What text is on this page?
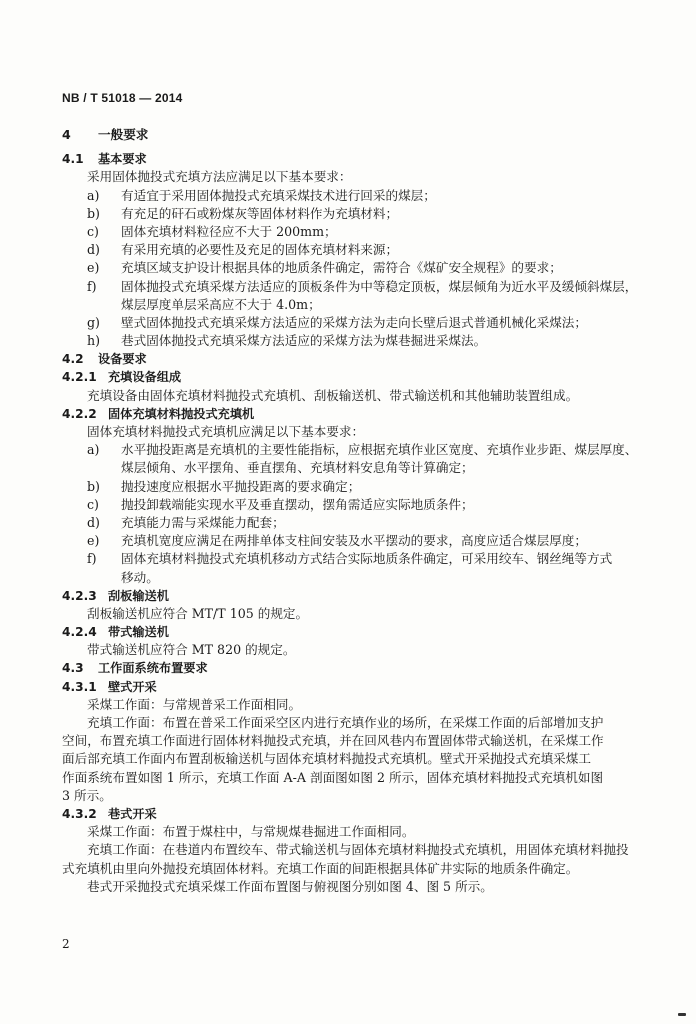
NB / T 51018 — 2014
4 一般要求
4.1 基本要求
采用固体抛投式充填方法应满足以下基本要求：
a) 有适宜于采用固体抛投式充填采煤技术进行回采的煤层；
b) 有充足的矸石或粉煤灰等固体材料作为充填材料；
c) 固体充填材料粒径应不大于 200mm；
d) 有采用充填的必要性及充足的固体充填材料来源；
e) 充填区域支护设计根据具体的地质条件确定，需符合《煤矿安全规程》的要求；
f) 固体抛投式充填采煤方法适应的顶板条件为中等稳定顶板，煤层倾角为近水平及缓倾斜煤层，
煤层厚度单层采高应不大于 4.0m；
g) 壁式固体抛投式充填采煤方法适应的采煤方法为走向长壁后退式普通机械化采煤法；
h) 巷式固体抛投式充填采煤方法适应的采煤方法为煤巷掘进采煤法。
4.2 设备要求
4.2.1 充填设备组成
充填设备由固体充填材料抛投式充填机、刮板输送机、带式输送机和其他辅助装置组成。
4.2.2 固体充填材料抛投式充填机
固体充填材料抛投式充填机应满足以下基本要求：
a) 水平抛投距离是充填机的主要性能指标，应根据充填作业区宽度、充填作业步距、煤层厚度、
煤层倾角、水平摆角、垂直摆角、充填材料安息角等计算确定；
b) 抛投速度应根据水平抛投距离的要求确定；
c) 抛投卸载端能实现水平及垂直摆动，摆角需适应实际地质条件；
d) 充填能力需与采煤能力配套；
e) 充填机宽度应满足在两排单体支柱间安装及水平摆动的要求，高度应适合煤层厚度；
f) 固体充填材料抛投式充填机移动方式结合实际地质条件确定，可采用绞车、钢丝绳等方式
移动。
4.2.3 刮板输送机
刮板输送机应符合 MT/T 105 的规定。
4.2.4 带式输送机
带式输送机应符合 MT 820 的规定。
4.3 工作面系统布置要求
4.3.1 壁式开采
采煤工作面：与常规普采工作面相同。
充填工作面：布置在普采工作面采空区内进行充填作业的场所，在采煤工作面的后部增加支护
空间，布置充填工作面进行固体材料抛投式充填，并在回风巷内布置固体带式输送机，在采煤工作
面后部充填工作面内布置刮板输送机与固体充填材料抛投式充填机。壁式开采抛投式充填采煤工
作面系统布置如图 1 所示，充填工作面 A-A 剖面图如图 2 所示，固体充填材料抛投式充填机如图
3 所示。
4.3.2 巷式开采
采煤工作面：布置于煤柱中，与常规煤巷掘进工作面相同。
充填工作面：在巷道内布置绞车、带式输送机与固体充填材料抛投式充填机，用固体充填材料抛投
式充填机由里向外抛投充填固体材料。充填工作面的间距根据具体矿井实际的地质条件确定。
巷式开采抛投式充填采煤工作面布置图与俯视图分别如图 4、图 5 所示。
2
